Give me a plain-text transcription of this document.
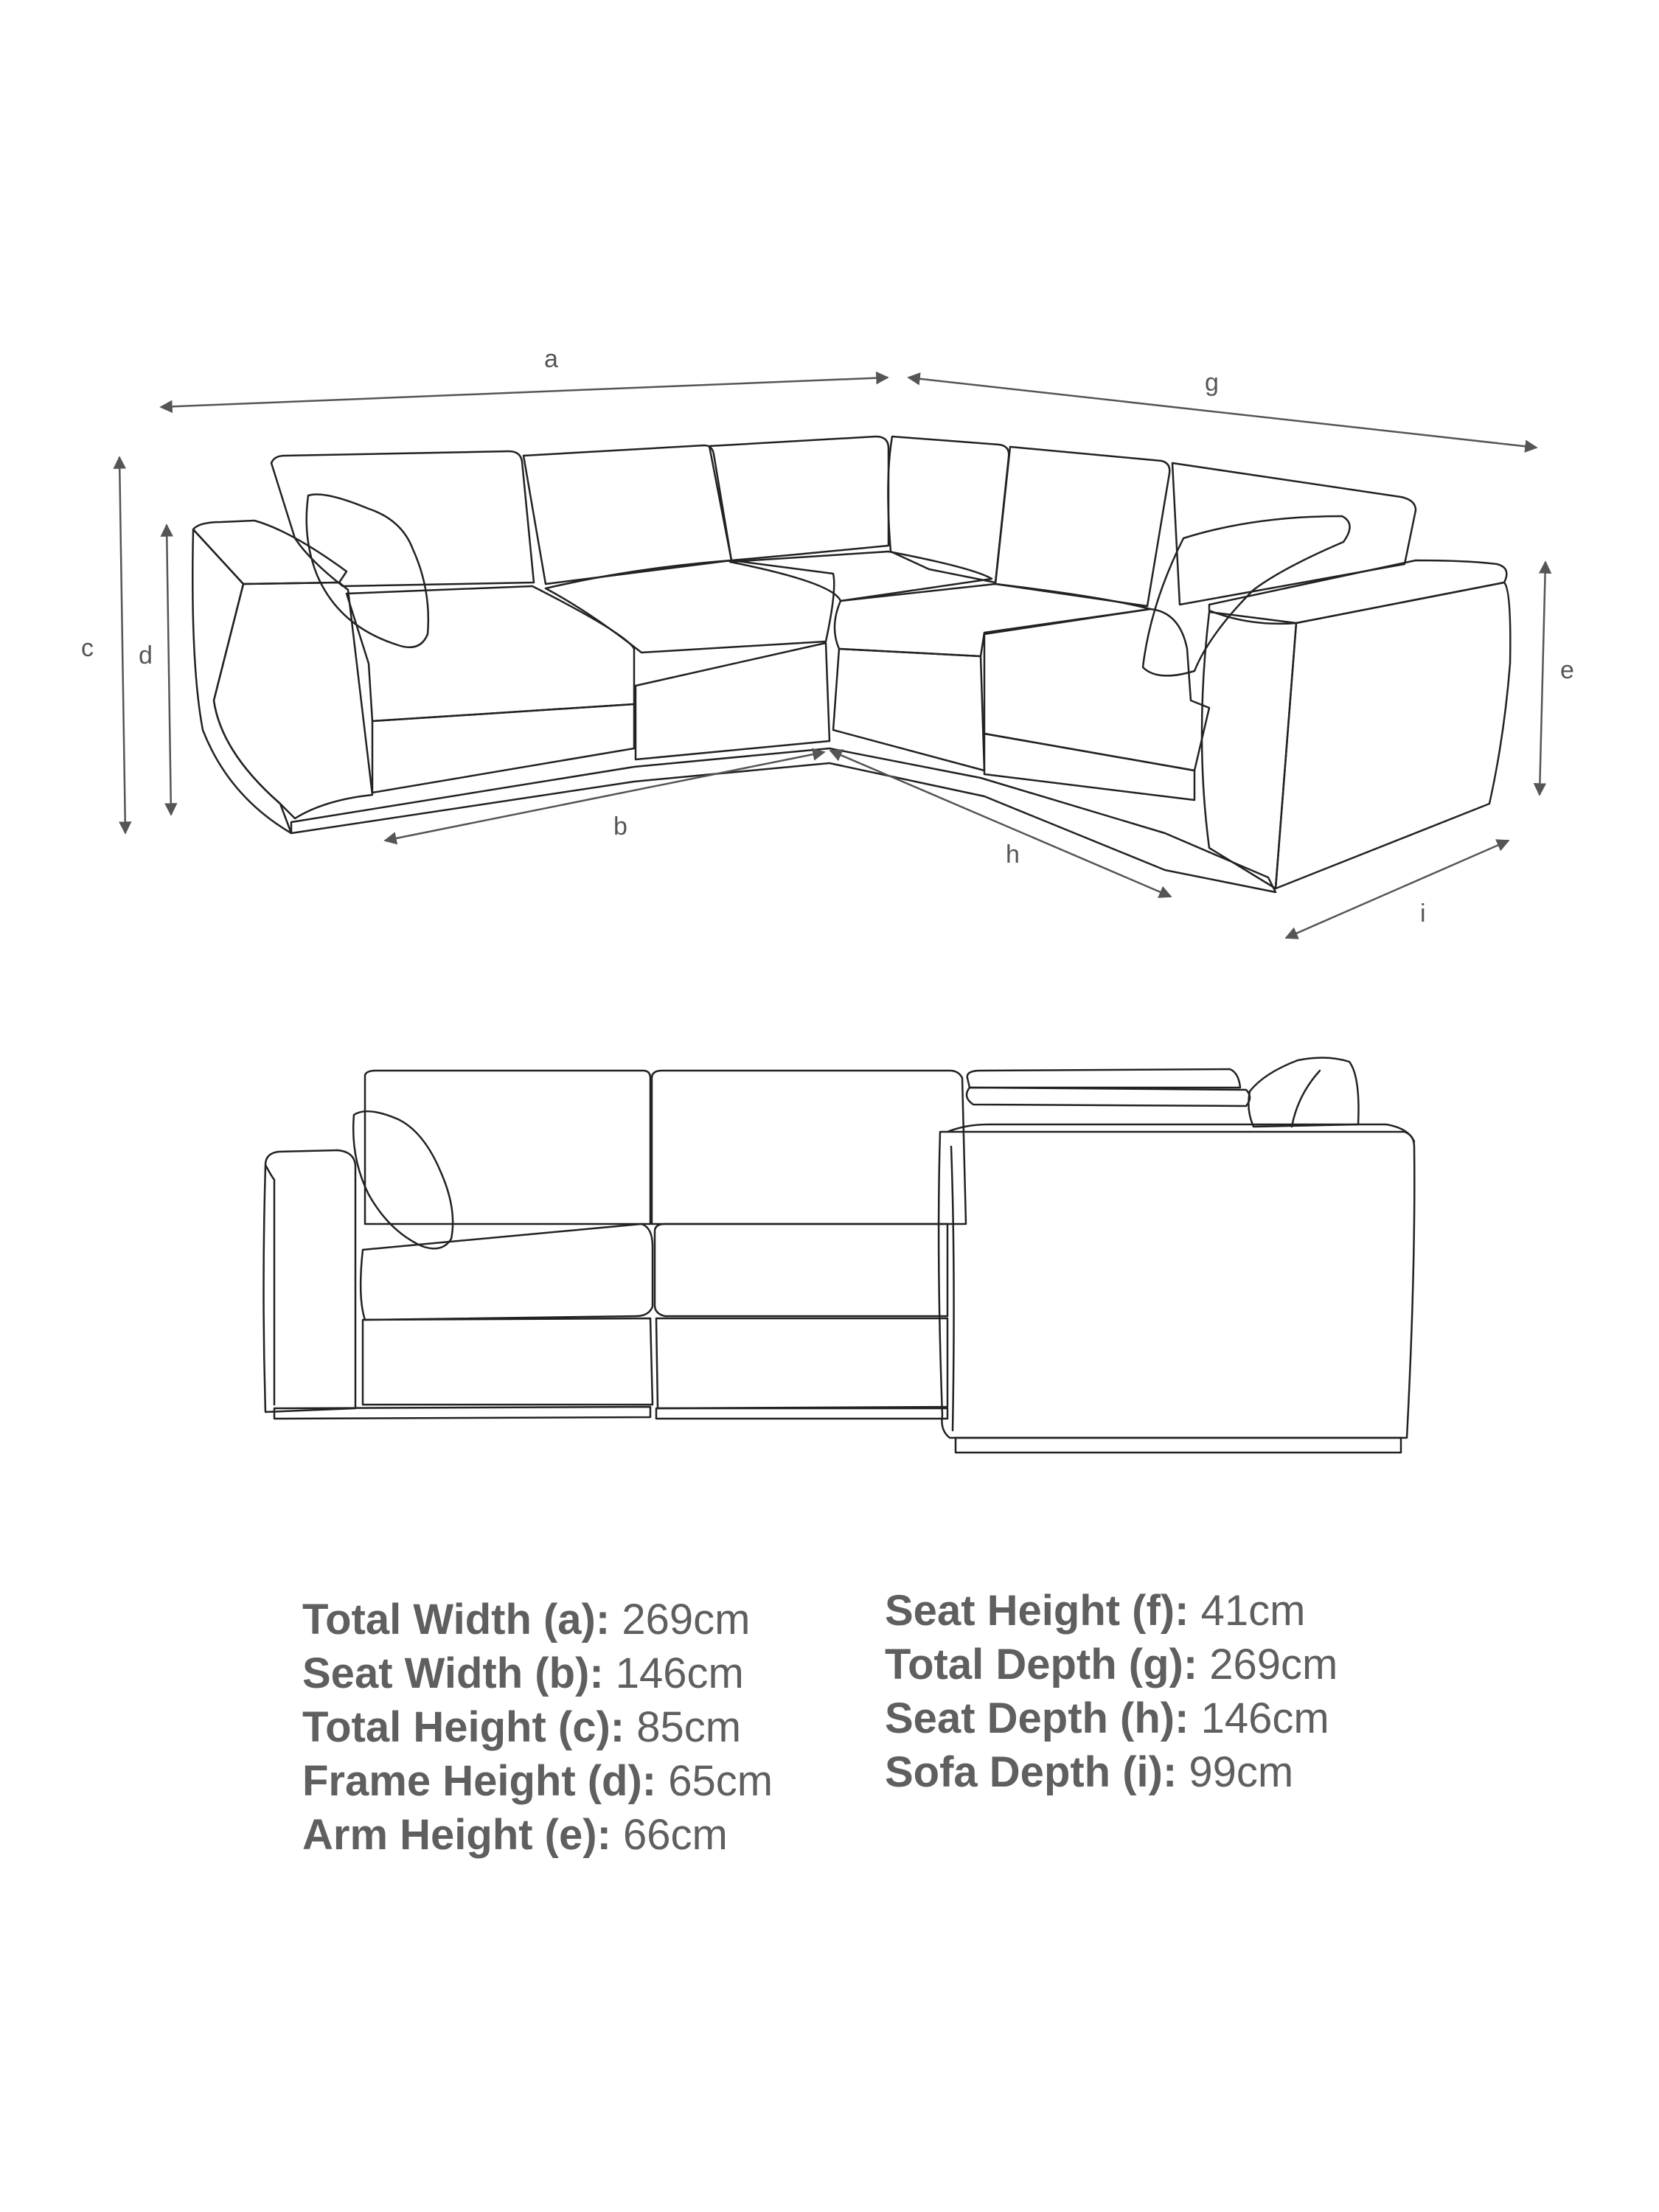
a
g
c d
e
b
h
i
Total Width (a): 269cm
Seat Width (b): 146cm
Total Height (c): 85cm
Frame Height (d): 65cm
Arm Height (e): 66cm
Seat Height (f): 41cm
Total Depth (g): 269cm
Seat Depth (h): 146cm
Sofa Depth (i): 99cm
